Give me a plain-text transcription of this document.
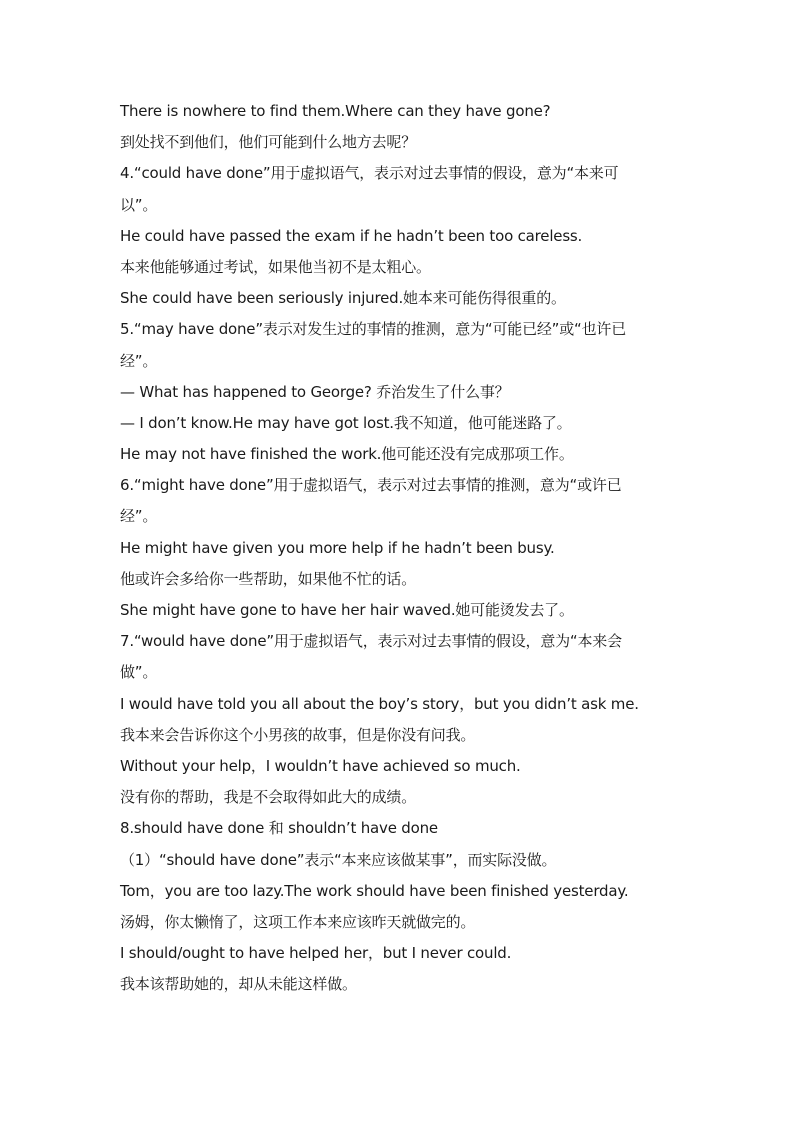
There is nowhere to find them.Where can they have gone?
到处找不到他们，他们可能到什么地方去呢？
4.“could have done”用于虚拟语气，表示对过去事情的假设，意为“本来可
以”。
He could have passed the exam if he hadn’t been too careless.
本来他能够通过考试，如果他当初不是太粗心。
She could have been seriously injured.她本来可能伤得很重的。
5.“may have done”表示对发生过的事情的推测，意为“可能已经”或“也许已
经”。
— What has happened to George? 乔治发生了什么事？
— I don’t know.He may have got lost.我不知道，他可能迷路了。
He may not have finished the work.他可能还没有完成那项工作。
6.“might have done”用于虚拟语气，表示对过去事情的推测，意为“或许已
经”。
He might have given you more help if he hadn’t been busy.
他或许会多给你一些帮助，如果他不忙的话。
She might have gone to have her hair waved.她可能烫发去了。
7.“would have done”用于虚拟语气，表示对过去事情的假设，意为“本来会
做”。
I would have told you all about the boy’s story，but you didn’t ask me.
我本来会告诉你这个小男孩的故事，但是你没有问我。
Without your help，I wouldn’t have achieved so much.
没有你的帮助，我是不会取得如此大的成绩。
8.should have done 和 shouldn’t have done
（1）“should have done”表示“本来应该做某事”，而实际没做。
Tom，you are too lazy.The work should have been finished yesterday.
汤姆，你太懒惰了，这项工作本来应该昨天就做完的。
I should/ought to have helped her，but I never could.
我本该帮助她的，却从未能这样做。
